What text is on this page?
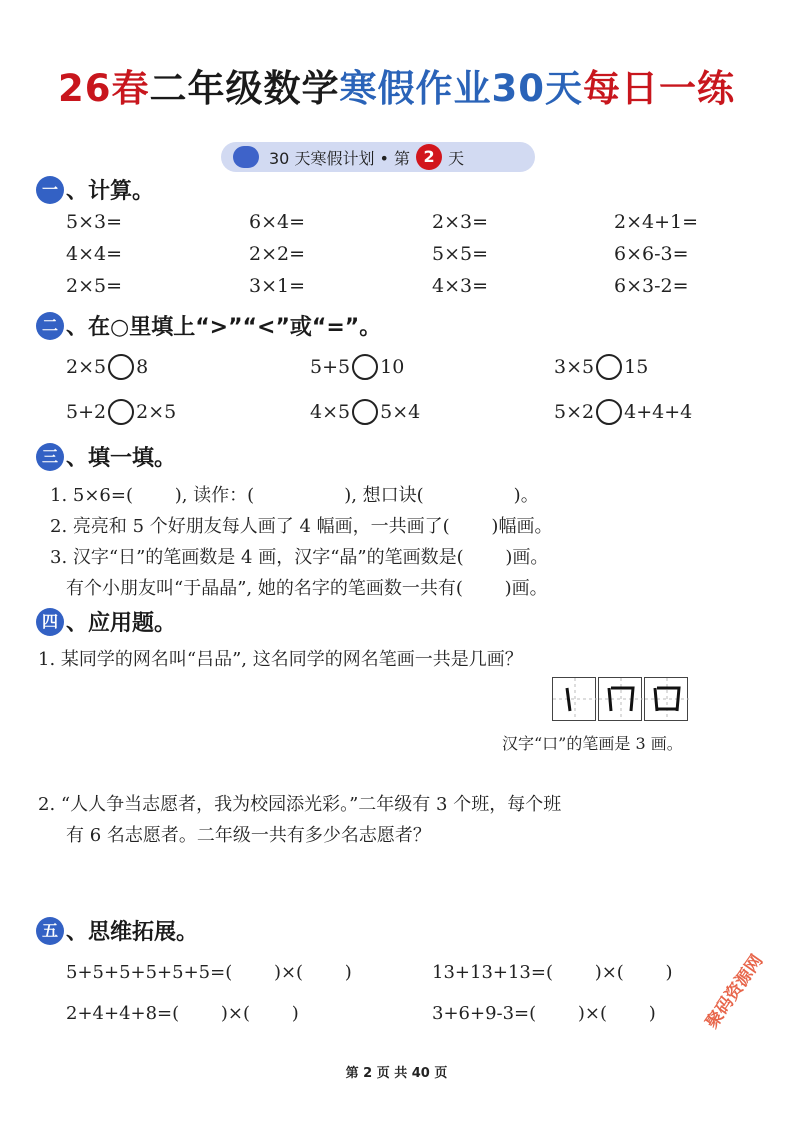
26春二年级数学寒假作业30天每日一练
30 天寒假计划 • 第 2 天
一 、计算。
5×3=	6×4=	2×3=	2×4+1=
4×4=	2×2=	5×5=	6×6-3=
2×5=	3×1=	4×3=	6×3-2=
二 、在○里填上“>”“<”或“=”。
2×5 8	5+5 10	3×5 15
5+2 2×5	4×5 5×4	5×2 4+4+4
三 、填一填。
1. 5×6=(　　 ), 读作：(　　　　　), 想口诀(　　　　　)。
2. 亮亮和 5 个好朋友每人画了 4 幅画，一共画了(　　 )幅画。
3. 汉字“日”的笔画数是 4 画，汉字“晶”的笔画数是(　　 )画。
有个小朋友叫“于晶晶”, 她的名字的笔画数一共有(　　 )画。
四 、应用题。
1. 某同学的网名叫“吕品”, 这名同学的网名笔画一共是几画？
汉字“口”的笔画是 3 画。
2. “人人争当志愿者，我为校园添光彩。”二年级有 3 个班，每个班
有 6 名志愿者。二年级一共有多少名志愿者？
五 、思维拓展。
5+5+5+5+5+5=(　　 )×(　　 )	13+13+13=(　　 )×(　　 )
2+4+4+8=(　　 )×(　　 )	3+6+9-3=(　　 )×(　　 )	聚码资源网
第 2 页 共 40 页
